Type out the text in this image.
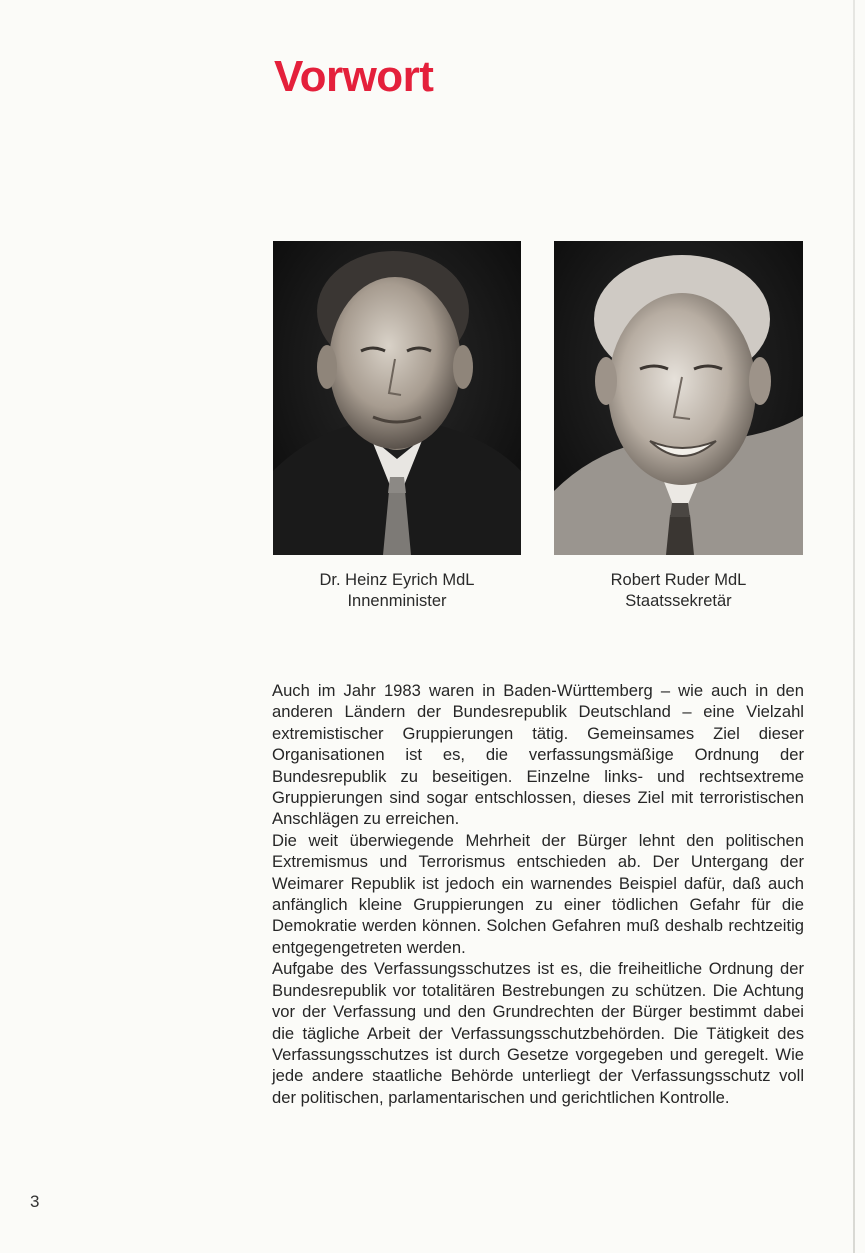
Vorwort
Dr. Heinz Eyrich MdL
Innenminister
Robert Ruder MdL
Staatssekretär

Auch im Jahr 1983 waren in Baden-Württemberg – wie auch in den anderen Ländern der Bundesrepublik Deutschland – eine Vielzahl extremistischer Gruppierungen tätig. Gemeinsames Ziel dieser Organisationen ist es, die verfassungsmäßige Ordnung der Bundesrepublik zu beseitigen. Einzelne links- und rechtsextreme Gruppierungen sind sogar entschlossen, dieses Ziel mit terroristischen Anschlägen zu erreichen.

Die weit überwiegende Mehrheit der Bürger lehnt den politischen Extremismus und Terrorismus entschieden ab. Der Untergang der Weimarer Republik ist jedoch ein warnendes Beispiel dafür, daß auch anfänglich kleine Gruppierungen zu einer tödlichen Gefahr für die Demokratie werden können. Solchen Gefahren muß deshalb rechtzeitig entgegengetreten werden.

Aufgabe des Verfassungsschutzes ist es, die freiheitliche Ordnung der Bundesrepublik vor totalitären Bestrebungen zu schützen. Die Achtung vor der Verfassung und den Grundrechten der Bürger bestimmt dabei die tägliche Arbeit der Verfassungsschutzbehörden. Die Tätigkeit des Verfassungsschutzes ist durch Gesetze vorgegeben und geregelt. Wie jede andere staatliche Behörde unterliegt der Verfassungsschutz voll der politischen, parlamentarischen und gerichtlichen Kontrolle.

3
